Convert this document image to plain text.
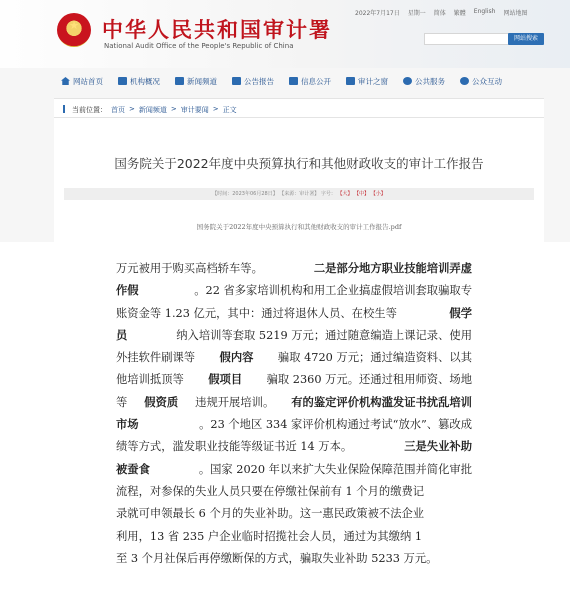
★	中华人民共和国审计署
National Audit Office of the People's Republic of China
2022年7月17日 星期一 简体 繁體 English 网站地图
网站搜索
网站首页	机构概况	新闻频道	公告报告	信息公开	审计之窗	公共服务	公众互动
当前位置： 首页 > 新闻频道 > 审计要闻 > 正文
国务院关于2022年度中央预算执行和其他财政收支的审计工作报告
【时间：2023年06月28日】 【来源：审计署】 字号： 【大】 【中】 【小】
国务院关于2022年度中央预算执行和其他财政收支的审计工作报告.pdf
万元被用于购买高档轿车等。	二是部分地方职业技能培训弄虚
作假	。22 省多家培训机构和用工企业搞虚假培训套取骗取专
账资金等 1.23 亿元，其中：通过将退休人员、在校生等	假学
员	纳入培训等套取 5219 万元；通过随意编造上课记录、使用
外挂软件刷课等 假内容 骗取 4720 万元；通过编造资料、以其
他培训抵顶等 假项目 骗取 2360 万元。还通过租用师资、场地
等 假资质 违规开展培训。 有的鉴定评价机构滥发证书扰乱培训
市场	。23 个地区 334 家评价机构通过考试“放水”、篡改成
绩等方式，滥发职业技能等级证书近 14 万本。	三是失业补助
被蚕食	。国家 2020 年以来扩大失业保险保障范围并简化审批
流程，对参保的失业人员只要在停缴社保前有 1 个月的缴费记
录就可申领最长 6 个月的失业补助。这一惠民政策被不法企业
利用，13 省 235 户企业临时招揽社会人员，通过为其缴纳 1
至 3 个月社保后再停缴断保的方式，骗取失业补助 5233 万元。
